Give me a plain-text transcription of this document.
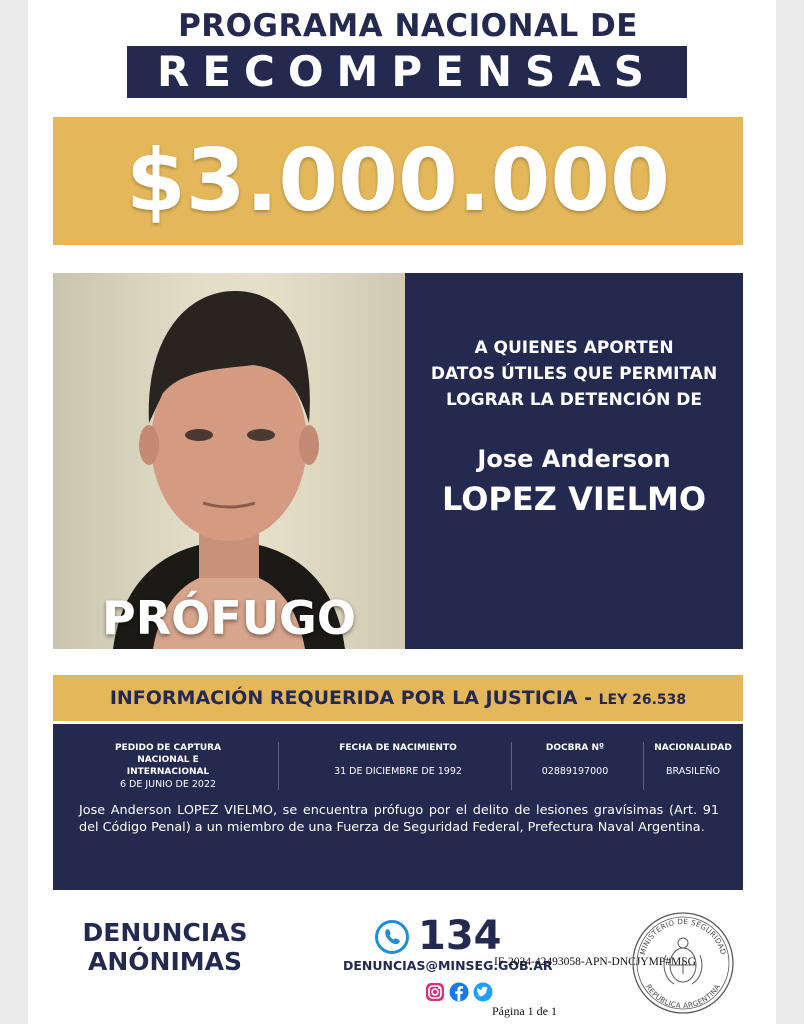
PROGRAMA NACIONAL DE
RECOMPENSAS
$3.000.000
PRÓFUGO
A QUIENES APORTEN
DATOS ÚTILES QUE PERMITAN
LOGRAR LA DETENCIÓN DE
Jose Anderson
LOPEZ VIELMO
INFORMACIÓN REQUERIDA POR LA JUSTICIA - LEY 26.538
PEDIDO DE CAPTURA NACIONAL E INTERNACIONAL
6 DE JUNIO DE 2022
FECHA DE NACIMIENTO
31 DE DICIEMBRE DE 1992
DOCBRA Nº
02889197000
NACIONALIDAD
BRASILEÑO
Jose Anderson LOPEZ VIELMO, se encuentra prófugo por el delito de lesiones gravísimas (Art. 91 del Código Penal) a un miembro de una Fuerza de Seguridad Federal, Prefectura Naval Argentina.
DENUNCIAS
ANÓNIMAS
134
DENUNCIAS@MINSEG.GOB.AR
IF-2024-42493058-APN-DNCJYMP#MSG
MINISTERIO DE SEGURIDAD
REPÚBLICA ARGENTINA
Página 1 de 1
